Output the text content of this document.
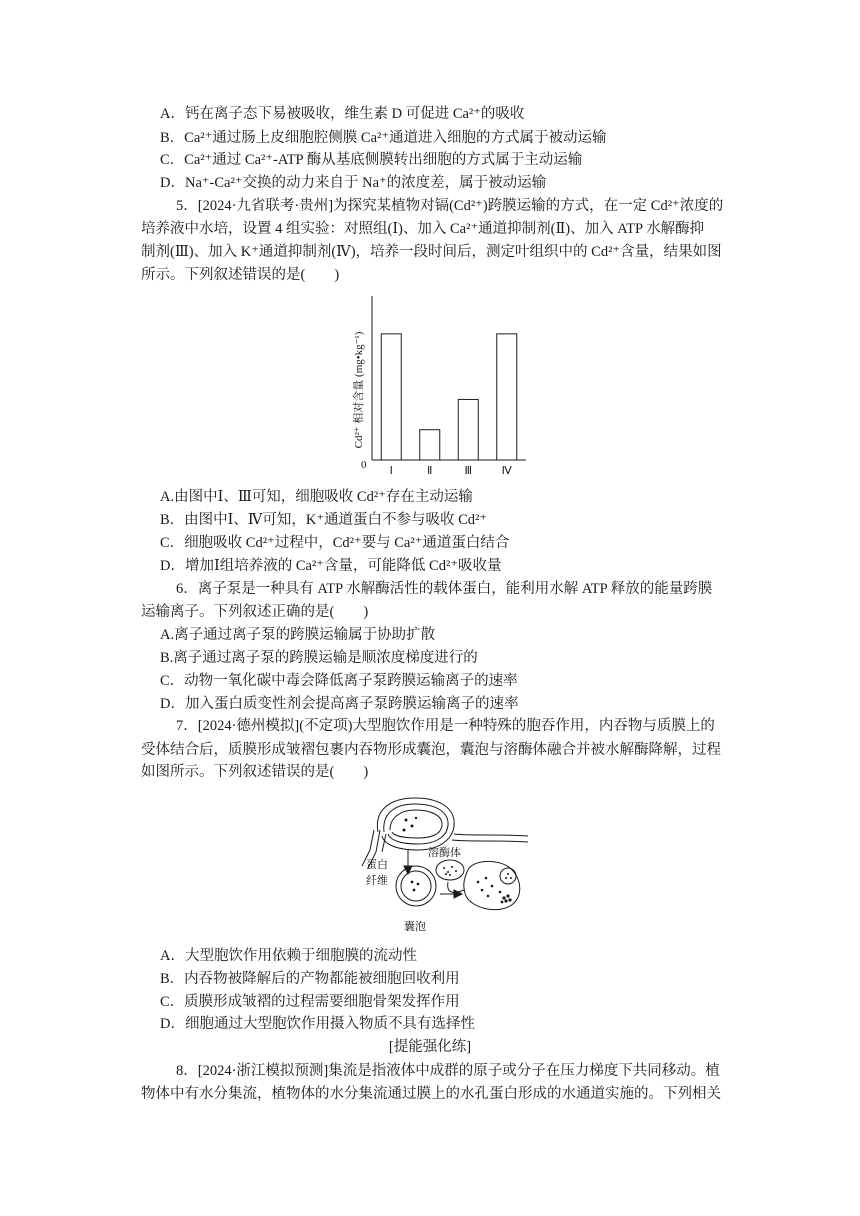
A．钙在离子态下易被吸收，维生素 D 可促进 Ca²⁺的吸收
B．Ca²⁺通过肠上皮细胞腔侧膜 Ca²⁺通道进入细胞的方式属于被动运输
C．Ca²⁺通过 Ca²⁺-ATP 酶从基底侧膜转出细胞的方式属于主动运输
D．Na⁺-Ca²⁺交换的动力来自于 Na⁺的浓度差，属于被动运输
5．[2024·九省联考·贵州]为探究某植物对镉(Cd²⁺)跨膜运输的方式，在一定 Cd²⁺浓度的
培养液中水培，设置 4 组实验：对照组(Ⅰ)、加入 Ca²⁺通道抑制剂(Ⅱ)、加入 ATP 水解酶抑
制剂(Ⅲ)、加入 K⁺通道抑制剂(Ⅳ)，培养一段时间后，测定叶组织中的 Cd²⁺含量，结果如图
所示。下列叙述错误的是(　　)
Cd²⁺ 相对含量 (mg•kg⁻¹)
0 Ⅰ	Ⅱ	Ⅲ	Ⅳ
A.由图中Ⅰ、Ⅲ可知，细胞吸收 Cd²⁺存在主动运输
B．由图中Ⅰ、Ⅳ可知，K⁺通道蛋白不参与吸收 Cd²⁺
C．细胞吸收 Cd²⁺过程中，Cd²⁺要与 Ca²⁺通道蛋白结合
D．增加Ⅰ组培养液的 Ca²⁺含量，可能降低 Cd²⁺吸收量
6．离子泵是一种具有 ATP 水解酶活性的载体蛋白，能利用水解 ATP 释放的能量跨膜
运输离子。下列叙述正确的是(　　)
A.离子通过离子泵的跨膜运输属于协助扩散
B.离子通过离子泵的跨膜运输是顺浓度梯度进行的
C．动物一氧化碳中毒会降低离子泵跨膜运输离子的速率
D．加入蛋白质变性剂会提高离子泵跨膜运输离子的速率
7．[2024·德州模拟](不定项)大型胞饮作用是一种特殊的胞吞作用，内吞物与质膜上的
受体结合后，质膜形成皱褶包裹内吞物形成囊泡，囊泡与溶酶体融合并被水解酶降解，过程
如图所示。下列叙述错误的是(　　)
溶酶体
蛋白
纤维
囊泡
A．大型胞饮作用依赖于细胞膜的流动性
B．内吞物被降解后的产物都能被细胞回收利用
C．质膜形成皱褶的过程需要细胞骨架发挥作用
D．细胞通过大型胞饮作用摄入物质不具有选择性
[提能强化练]
8．[2024·浙江模拟预测]集流是指液体中成群的原子或分子在压力梯度下共同移动。植
物体中有水分集流，植物体的水分集流通过膜上的水孔蛋白形成的水通道实施的。下列相关
